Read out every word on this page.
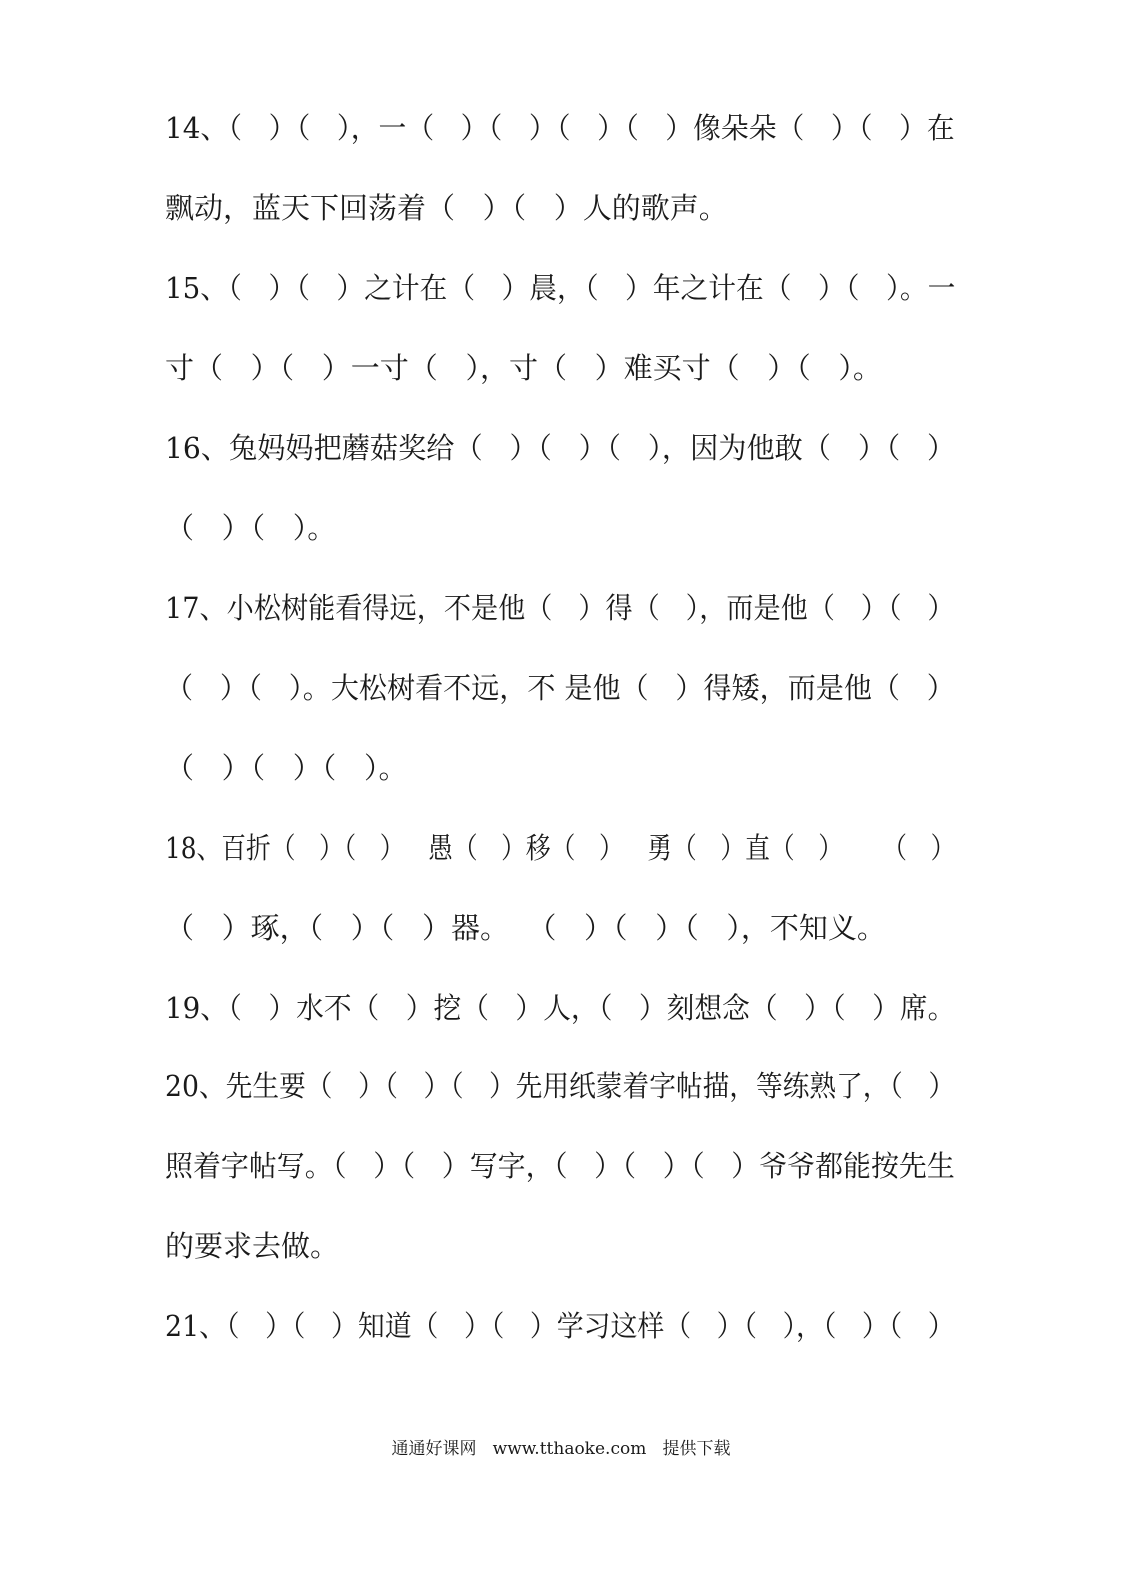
14、（   ）（   ），一（   ）（   ）（   ）（   ）像朵朵（   ）（   ）在
飘动，蓝天下回荡着（   ）（   ）人的歌声。
15、（   ）（   ）之计在（   ）晨，（   ）年之计在（   ）（   ）。一
寸（   ）（   ）一寸（   ），寸（   ）难买寸（   ）（   ）。
16、兔妈妈把蘑菇奖给（   ）（   ）（   ），因为他敢（   ）（   ）
（   ）（   ）。
17、小松树能看得远，不是他（   ）得（   ），而是他（   ）（   ）
（   ）（   ）。大松树看不远，不 是他（   ）得矮，而是他（   ）
（   ）（   ）（   ）。
18、百折（   ）（   ）   愚（   ）移（   ）   勇（   ）直（   ）     （   ）
（   ）琢，（   ）（   ）器。  （   ）（   ）（   ），不知义。
19、（   ）水不（   ）挖（   ）人，（   ）刻想念（   ）（   ）席。
20、先生要（   ）（   ）（   ）先用纸蒙着字帖描，等练熟了，（   ）
照着字帖写。（   ）（   ）写字，（   ）（   ）（   ）爷爷都能按先生
的要求去做。
21、（   ）（   ）知道（   ）（   ）学习这样（   ）（   ），（   ）（   ）
通通好课网   www.tthaoke.com   提供下载
